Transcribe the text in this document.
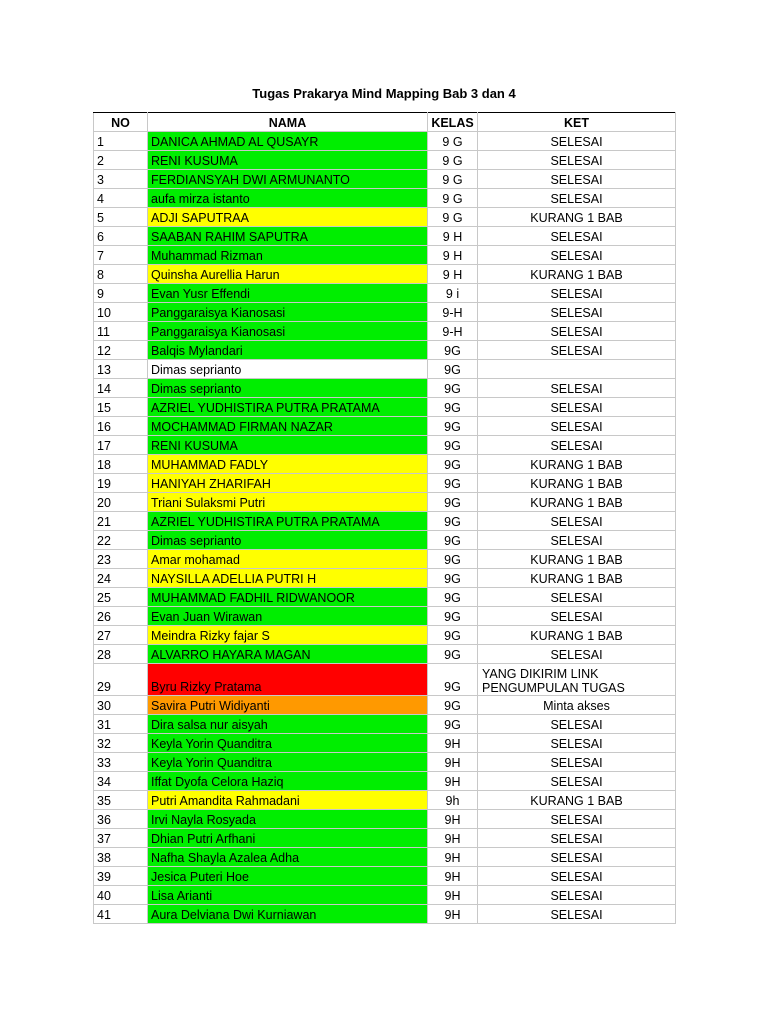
Tugas Prakarya Mind Mapping Bab 3 dan 4
NO	NAMA	KELAS	KET
1	DANICA AHMAD AL QUSAYR	9 G	SELESAI
2	RENI KUSUMA	9 G	SELESAI
3	FERDIANSYAH DWI ARMUNANTO	9 G	SELESAI
4	aufa mirza istanto	9 G	SELESAI
5	ADJI SAPUTRAA	9 G	KURANG 1 BAB
6	SAABAN RAHIM SAPUTRA	9 H	SELESAI
7	Muhammad Rizman	9 H	SELESAI
8	Quinsha Aurellia Harun	9 H	KURANG 1 BAB
9	Evan Yusr Effendi	9 i	SELESAI
10	Panggaraisya Kianosasi	9-H	SELESAI
11	Panggaraisya Kianosasi	9-H	SELESAI
12	Balqis Mylandari	9G	SELESAI
13	Dimas seprianto	9G	
14	Dimas seprianto	9G	SELESAI
15	AZRIEL YUDHISTIRA PUTRA PRATAMA	9G	SELESAI
16	MOCHAMMAD FIRMAN NAZAR	9G	SELESAI
17	RENI KUSUMA	9G	SELESAI
18	MUHAMMAD FADLY	9G	KURANG 1 BAB
19	HANIYAH ZHARIFAH	9G	KURANG 1 BAB
20	Triani Sulaksmi Putri	9G	KURANG 1 BAB
21	AZRIEL YUDHISTIRA PUTRA PRATAMA	9G	SELESAI
22	Dimas seprianto	9G	SELESAI
23	Amar mohamad	9G	KURANG 1 BAB
24	NAYSILLA ADELLIA PUTRI H	9G	KURANG 1 BAB
25	MUHAMMAD FADHIL RIDWANOOR	9G	SELESAI
26	Evan Juan Wirawan	9G	SELESAI
27	Meindra Rizky fajar S	9G	KURANG 1 BAB
28	ALVARRO HAYARA MAGAN	9G	SELESAI
29	Byru Rizky Pratama	9G	YANG DIKIRIM LINK PENGUMPULAN TUGAS
30	Savira Putri Widiyanti	9G	Minta akses
31	Dira salsa nur aisyah	9G	SELESAI
32	Keyla Yorin Quanditra	9H	SELESAI
33	Keyla Yorin Quanditra	9H	SELESAI
34	Iffat Dyofa Celora Haziq	9H	SELESAI
35	Putri Amandita Rahmadani	9h	KURANG 1 BAB
36	Irvi Nayla Rosyada	9H	SELESAI
37	Dhian Putri Arfhani	9H	SELESAI
38	Nafha Shayla Azalea Adha	9H	SELESAI
39	Jesica Puteri Hoe	9H	SELESAI
40	Lisa Arianti	9H	SELESAI
41	Aura Delviana Dwi Kurniawan	9H	SELESAI
